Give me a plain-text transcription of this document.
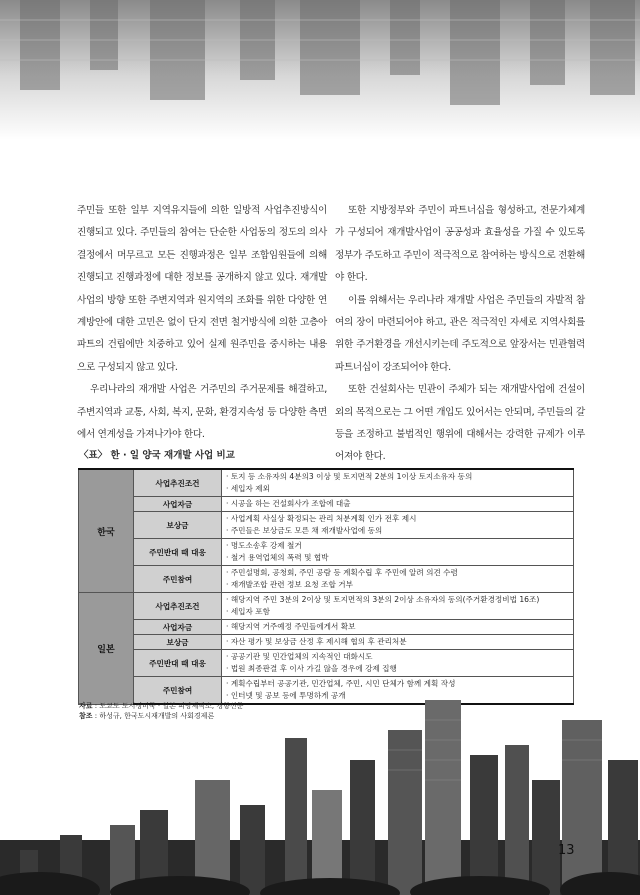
주민들 또한 일부 지역유지들에 의한 일방적 사업추진방식이 진행되고 있다. 주민들의 참여는 단순한 사업동의 정도의 의사결정에서 머무르고 모든 진행과정은 일부 조합임원들에 의해 진행되고 진행과정에 대한 정보를 공개하지 않고 있다. 재개발사업의 방향 또한 주변지역과 원지역의 조화를 위한 다양한 연계방안에 대한 고민은 없이 단지 전면 철거방식에 의한 고층아파트의 건립에만 치중하고 있어 실제 원주민을 중시하는 내용으로 구성되지 않고 있다.

우리나라의 재개발 사업은 거주민의 주거문제를 해결하고, 주변지역과 교통, 사회, 복지, 문화, 환경지속성 등 다양한 측면에서 연계성을 가져나가야 한다.

또한 지방정부와 주민이 파트너십을 형성하고, 전문가체계가 구성되어 재개발사업이 공공성과 효율성을 가질 수 있도록 정부가 주도하고 주민이 적극적으로 참여하는 방식으로 전환해야 한다.

이를 위해서는 우리나라 재개발 사업은 주민들의 자발적 참여의 장이 마련되어야 하고, 관은 적극적인 자세로 지역사회를 위한 주거환경을 개선시키는데 주도적으로 앞장서는 민관협력 파트너십이 강조되어야 한다.

또한 건설회사는 민관이 주체가 되는 재개발사업에 건설이외의 목적으로는 그 어떤 개입도 있어서는 안되며, 주민들의 갈등을 조정하고 불법적인 행위에 대해서는 강력한 규제가 이루어져야 한다.

〈표〉 한 · 일 양국 재개발 사업 비교
한국	사업추진조건	· 토지 등 소유자의 4분의3 이상 및 토지면적 2분의 1이상 토지소유자 동의
· 세입자 제외

	사업자금	· 시공을 하는 건설회사가 조합에 대출

	보상금	· 사업계획 사실상 확정되는 관리 처분계획 인가 전후 제시
· 주민들은 보상금도 모른 채 재개발사업에 동의

	주민반대 때 대응	· 명도소송후 강제 철거
· 철거 용역업체의 폭력 및 협박

	주민참여	· 주민설명회, 공청회, 주민 공람 등 계획수립 후 주민에 알려 의견 수렴
· 재개발조합 관련 정보 요청 조합 거부

일본	사업추진조건	· 해당지역 주민 3분의 2이상 및 토지면적의 3분의 2이상 소유자의 동의(주거환경정비법 16조)
· 세입자 포함

	사업자금	· 해당지역 거주예정 주민들에게서 확보

	보상금	· 자산 평가 및 보상금 산정 후 제시해 협의 후 관리처분

	주민반대 때 대응	· 공공기관 및 민간업체의 지속적인 대화시도
· 법원 최종판결 후 이사 가길 않을 경우에 강제 집행

	주민참여	· 계획수립부터 공공기관, 민간업체, 주민, 시민 단체가 함께 계획 작성
· 인터넷 및 공보 등에 투명하게 공개
자료 : 도쿄도 도시정비국 · 일본 피망제작소, 경향신문
참조 : 하성규, 한국도시재개발의 사회경제론
13
